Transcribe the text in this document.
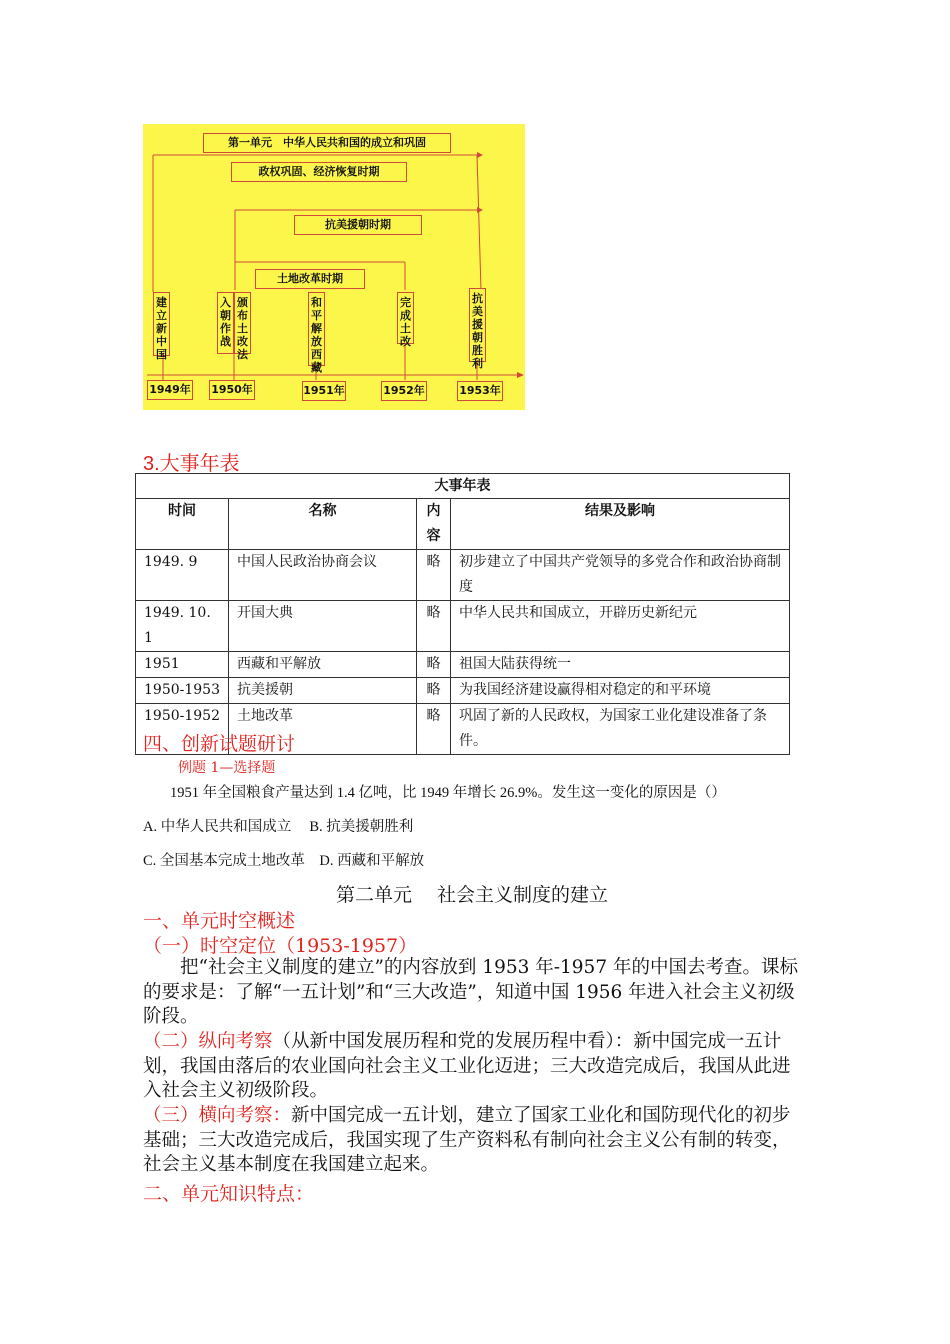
第一单元　中华人民共和国的成立和巩固
政权巩固、经济恢复时期
抗美援朝时期
土地改革时期
建立新中国
入朝作战
颁布土改法
和平解放西藏
完成土改
抗美援朝胜利
1949年 1950年	1951年	1952年	1953年
3.大事年表
大事年表			
时间	名称	内容	结果及影响
1949. 9	中国人民政治协商会议	略	初步建立了中国共产党领导的多党合作和政治协商制度
1949. 10. 1	开国大典	略	中华人民共和国成立，开辟历史新纪元
1951	西藏和平解放	略	祖国大陆获得统一
1950-1953	抗美援朝	略	为我国经济建设赢得相对稳定的和平环境
1950-1952	土地改革	略	巩固了新的人民政权，为国家工业化建设准备了条件。
四、创新试题研讨
例题 1—选择题
1951 年全国粮食产量达到 1.4 亿吨，比 1949 年增长 26.9%。发生这一变化的原因是（）
A. 中华人民共和国成立　 B. 抗美援朝胜利
C. 全国基本完成土地改革　D. 西藏和平解放
第二单元　 社会主义制度的建立
一、单元时空概述
（一）时空定位（1953-1957）
把“社会主义制度的建立”的内容放到 1953 年-1957 年的中国去考查。课标的要求是：了解“一五计划”和“三大改造”，知道中国 1956 年进入社会主义初级阶段。
（二）纵向考察（从新中国发展历程和党的发展历程中看）：新中国完成一五计划，我国由落后的农业国向社会主义工业化迈进；三大改造完成后，我国从此进入社会主义初级阶段。
（三）横向考察：新中国完成一五计划，建立了国家工业化和国防现代化的初步基础；三大改造完成后，我国实现了生产资料私有制向社会主义公有制的转变，社会主义基本制度在我国建立起来。
二、单元知识特点：
